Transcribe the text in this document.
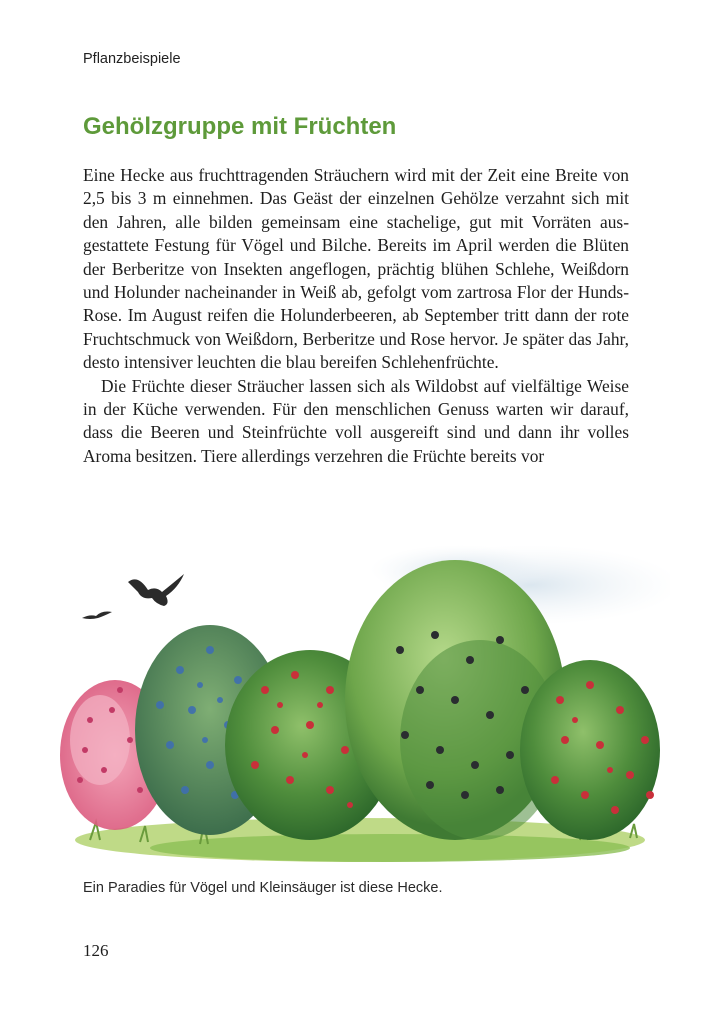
Pflanzbeispiele
Gehölzgruppe mit Früchten

Eine Hecke aus fruchttragenden Sträuchern wird mit der Zeit eine Breite von 2,5 bis 3 m einnehmen. Das Geäst der einzelnen Gehölze verzahnt sich mit den Jahren, alle bilden gemeinsam eine stachelige, gut mit Vorräten ausgestattete Festung für Vögel und Bilche. Bereits im April werden die Blüten der Berberitze von Insekten angeflogen, prächtig blühen Schlehe, Weißdorn und Holunder nacheinander in Weiß ab, gefolgt vom zartrosa Flor der Hunds-Rose. Im August reifen die Holunderbeeren, ab September tritt dann der rote Fruchtschmuck von Weißdorn, Berberitze und Rose hervor. Je später das Jahr, desto intensiver leuchten die blau bereifen Schlehenfrüchte.

Die Früchte dieser Sträucher lassen sich als Wildobst auf vielfältige Weise in der Küche verwenden. Für den menschlichen Genuss warten wir darauf, dass die Beeren und Steinfrüchte voll ausgereift sind und dann ihr volles Aroma besitzen. Tiere allerdings verzehren die Früchte bereits vor

Ein Paradies für Vögel und Kleinsäuger ist diese Hecke.
126
